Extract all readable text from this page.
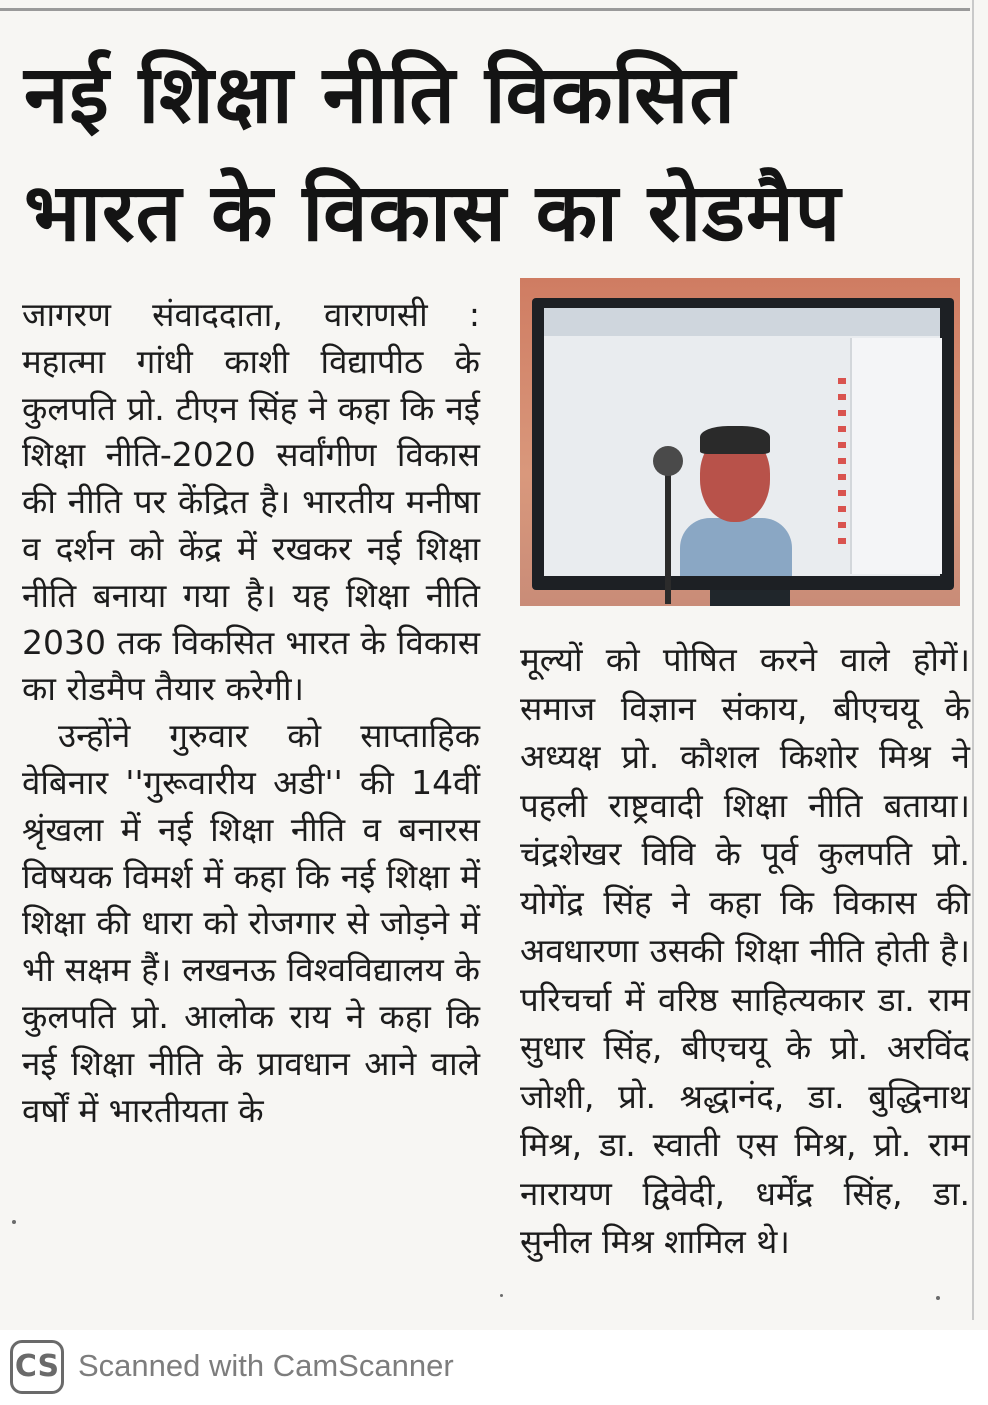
नई शिक्षा नीति विकसित
भारत के विकास का रोडमैप

जागरण संवाददाता, वाराणसी : महात्मा गांधी काशी विद्यापीठ के कुलपति प्रो. टीएन सिंह ने कहा कि नई शिक्षा नीति-2020 सर्वांगीण विकास की नीति पर केंद्रित है। भारतीय मनीषा व दर्शन को केंद्र में रखकर नई शिक्षा नीति बनाया गया है। यह शिक्षा नीति 2030 तक विकसित भारत के विकास का रोडमैप तैयार करेगी।

उन्होंने गुरुवार को साप्ताहिक वेबिनार ''गुरूवारीय अडी'' की 14वीं श्रृंखला में नई शिक्षा नीति व बनारस विषयक विमर्श में कहा कि नई शिक्षा में शिक्षा की धारा को रोजगार से जोड़ने में भी सक्षम हैं। लखनऊ विश्वविद्यालय के कुलपति प्रो. आलोक राय ने कहा कि नई शिक्षा नीति के प्रावधान आने वाले वर्षों में भारतीयता के

मूल्यों को पोषित करने वाले होगें। समाज विज्ञान संकाय, बीएचयू के अध्यक्ष प्रो. कौशल किशोर मिश्र ने पहली राष्ट्रवादी शिक्षा नीति बताया। चंद्रशेखर विवि के पूर्व कुलपति प्रो. योगेंद्र सिंह ने कहा कि विकास की अवधारणा उसकी शिक्षा नीति होती है। परिचर्चा में वरिष्ठ साहित्यकार डा. राम सुधार सिंह, बीएचयू के प्रो. अरविंद जोशी, प्रो. श्रद्धानंद, डा. बुद्धिनाथ मिश्र, डा. स्वाती एस मिश्र, प्रो. राम नारायण द्विवेदी, धर्मेंद्र सिंह, डा. सुनील मिश्र शामिल थे।

CS Scanned with CamScanner
